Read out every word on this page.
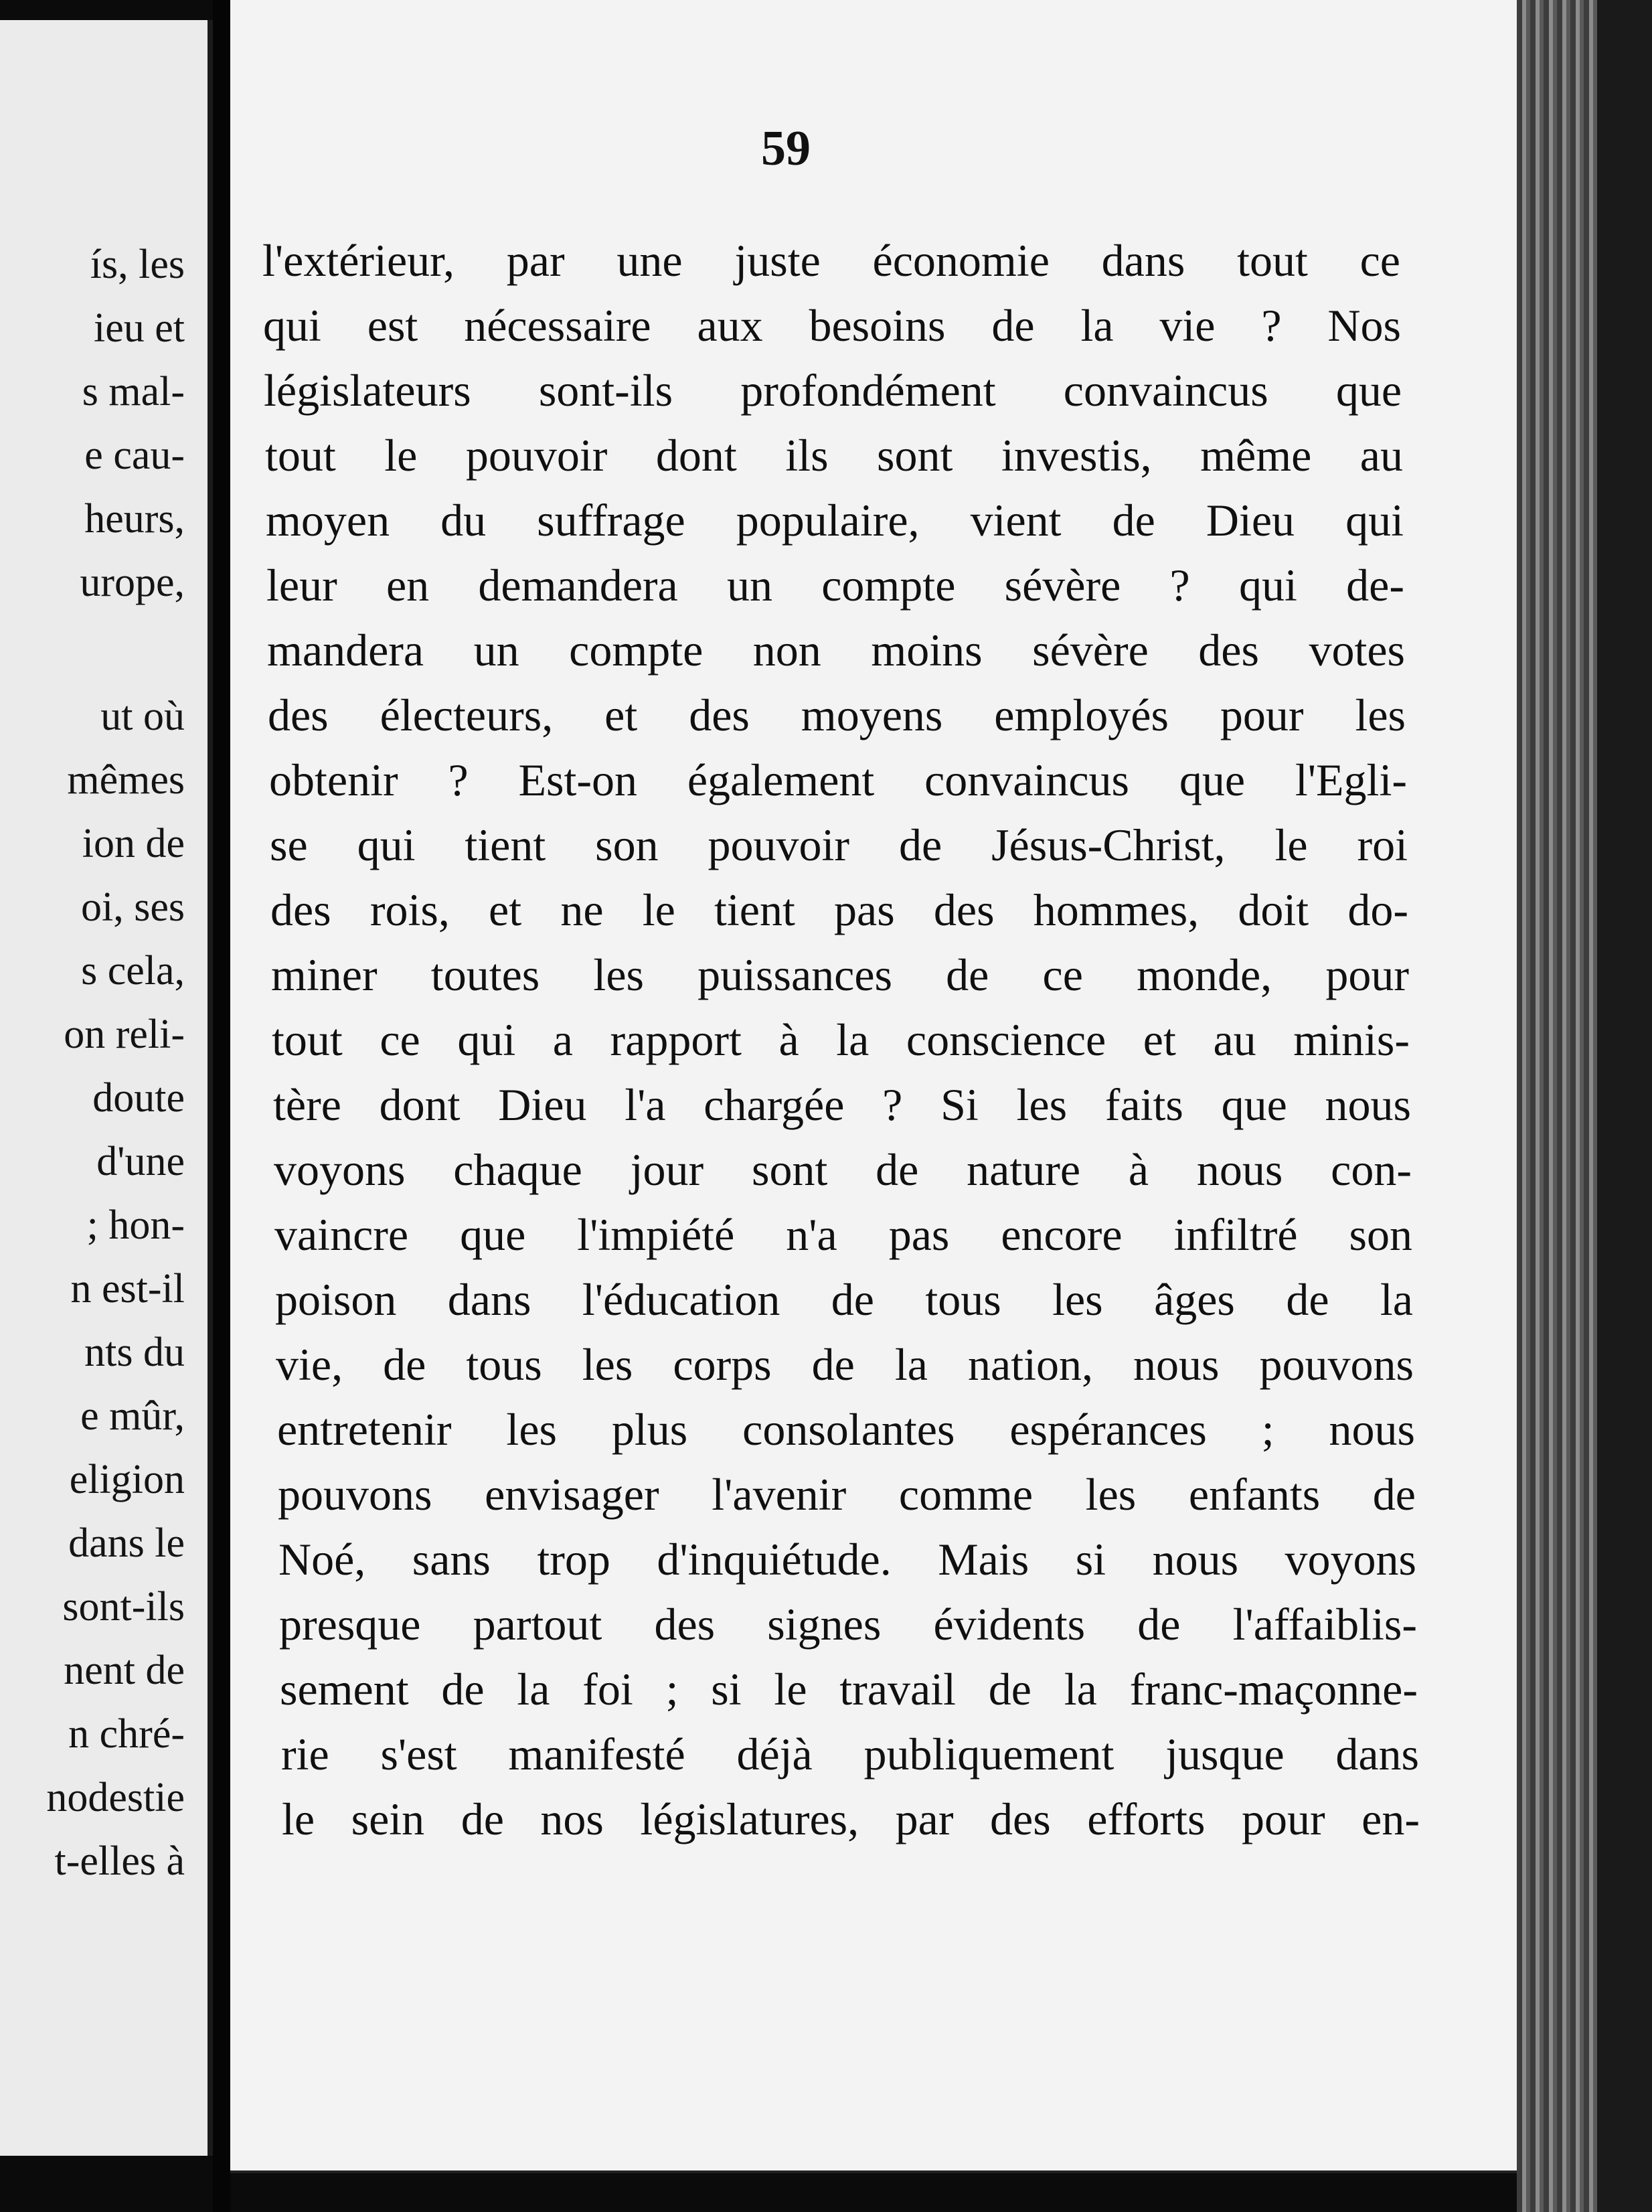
ís, les
ieu et
s mal-
e cau-
heurs,
urope,
ut où
mêmes
ion de
oi, ses
s cela,
on reli-
doute
d'une
; hon-
n est-il
nts du
e mûr,
eligion
dans le
sont-ils
nent de
n chré-
nodestie
t-elles à
59
l'extérieur, par une juste économie dans tout ce
qui est nécessaire aux besoins de la vie ? Nos
législateurs sont-ils profondément convaincus que
tout le pouvoir dont ils sont investis, même au
moyen du suffrage populaire, vient de Dieu qui
leur en demandera un compte sévère ? qui de-
mandera un compte non moins sévère des votes
des électeurs, et des moyens employés pour les
obtenir ? Est-on également convaincus que l'Egli-
se qui tient son pouvoir de Jésus-Christ, le roi
des rois, et ne le tient pas des hommes, doit do-
miner toutes les puissances de ce monde, pour
tout ce qui a rapport à la conscience et au minis-
tère dont Dieu l'a chargée ? Si les faits que nous
voyons chaque jour sont de nature à nous con-
vaincre que l'impiété n'a pas encore infiltré son
poison dans l'éducation de tous les âges de la
vie, de tous les corps de la nation, nous pouvons
entretenir les plus consolantes espérances ; nous
pouvons envisager l'avenir comme les enfants de
Noé, sans trop d'inquiétude. Mais si nous voyons
presque partout des signes évidents de l'affaiblis-
sement de la foi ; si le travail de la franc-maçonne-
rie s'est manifesté déjà publiquement jusque dans
le sein de nos législatures, par des efforts pour en-
